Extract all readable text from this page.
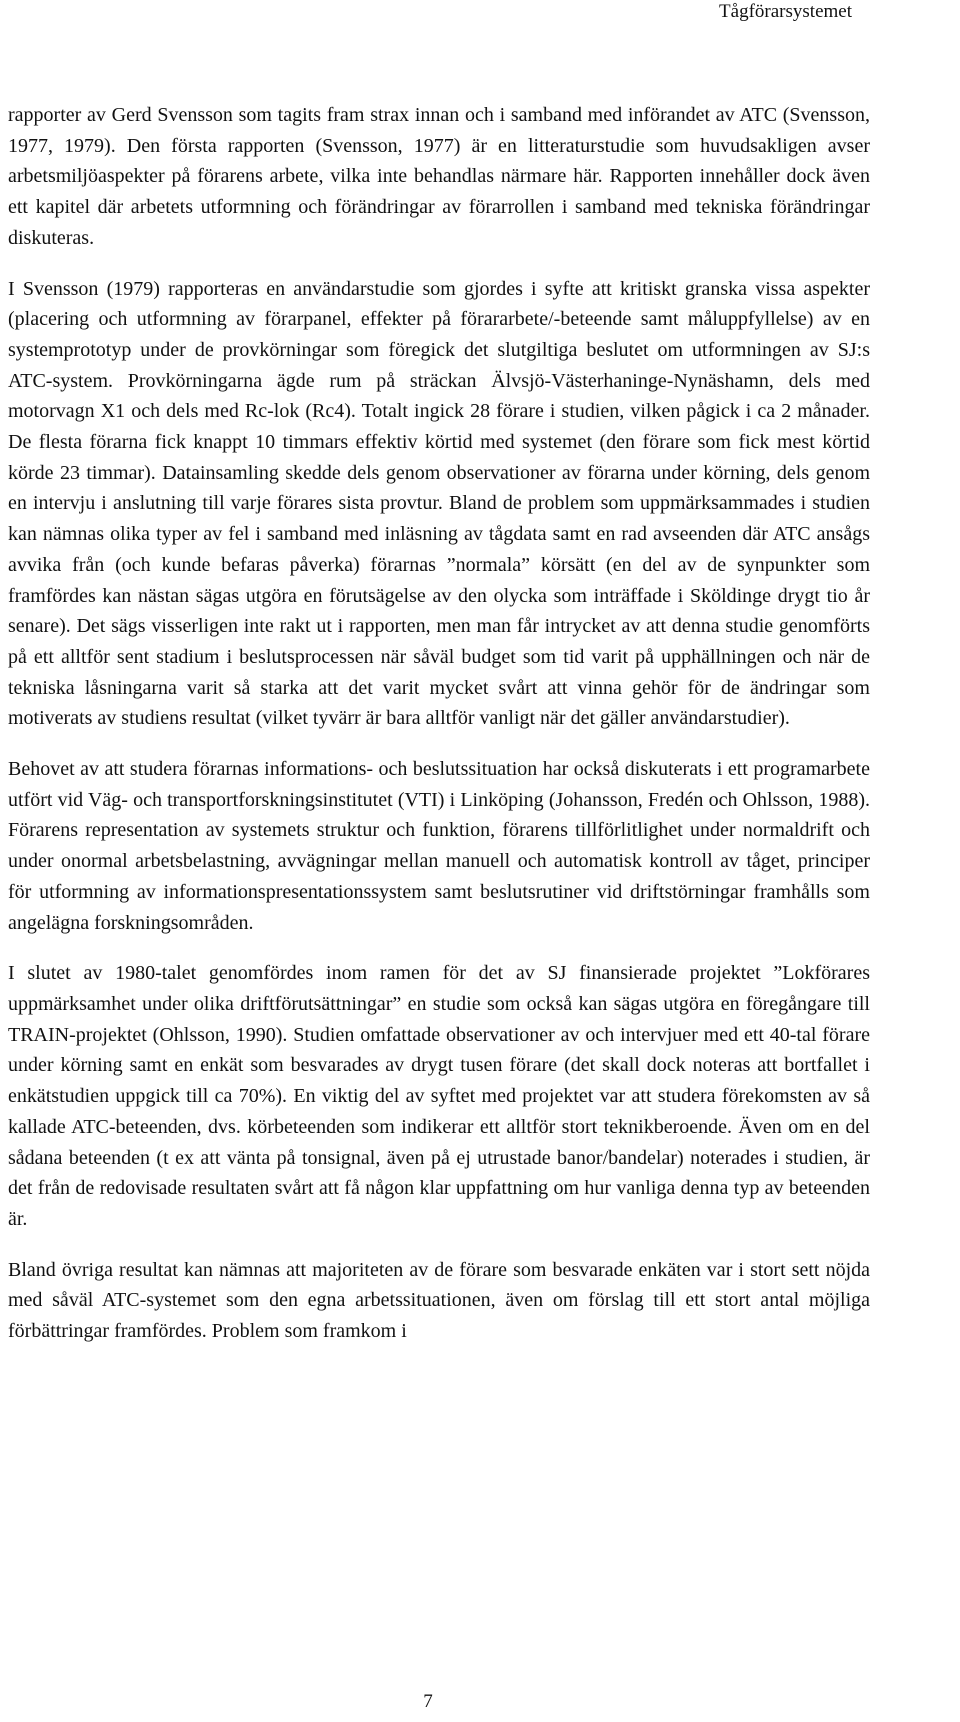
Tågförarsystemet

rapporter av Gerd Svensson som tagits fram strax innan och i samband med införandet av ATC (Svensson, 1977, 1979). Den första rapporten (Svensson, 1977) är en litteraturstudie som huvudsakligen avser arbetsmiljöaspekter på förarens arbete, vilka inte behandlas närmare här. Rapporten innehåller dock även ett kapitel där arbetets utformning och förändringar av förarrollen i samband med tekniska förändringar diskuteras.

I Svensson (1979) rapporteras en användarstudie som gjordes i syfte att kritiskt granska vissa aspekter (placering och utformning av förarpanel, effekter på förararbete/-beteende samt måluppfyllelse) av en systemprototyp under de provkörningar som föregick det slutgiltiga beslutet om utformningen av SJ:s ATC-system. Provkörningarna ägde rum på sträckan Älvsjö-Västerhaninge-Nynäshamn, dels med motorvagn X1 och dels med Rc-lok (Rc4). Totalt ingick 28 förare i studien, vilken pågick i ca 2 månader. De flesta förarna fick knappt 10 timmars effektiv körtid med systemet (den förare som fick mest körtid körde 23 timmar). Datainsamling skedde dels genom observationer av förarna under körning, dels genom en intervju i anslutning till varje förares sista provtur. Bland de problem som uppmärksammades i studien kan nämnas olika typer av fel i samband med inläsning av tågdata samt en rad avseenden där ATC ansågs avvika från (och kunde befaras påverka) förarnas ”normala” körsätt (en del av de synpunkter som framfördes kan nästan sägas utgöra en förutsägelse av den olycka som inträffade i Sköldinge drygt tio år senare). Det sägs visserligen inte rakt ut i rapporten, men man får intrycket av att denna studie genomförts på ett alltför sent stadium i beslutsprocessen när såväl budget som tid varit på upphällningen och när de tekniska låsningarna varit så starka att det varit mycket svårt att vinna gehör för de ändringar som motiverats av studiens resultat (vilket tyvärr är bara alltför vanligt när det gäller användarstudier).

Behovet av att studera förarnas informations- och beslutssituation har också diskuterats i ett programarbete utfört vid Väg- och transportforskningsinstitutet (VTI) i Linköping (Johansson, Fredén och Ohlsson, 1988). Förarens representation av systemets struktur och funktion, förarens tillförlitlighet under normaldrift och under onormal arbetsbelastning, avvägningar mellan manuell och automatisk kontroll av tåget, principer för utformning av informationspresentationssystem samt beslutsrutiner vid driftstörningar framhålls som angelägna forskningsområden.

I slutet av 1980-talet genomfördes inom ramen för det av SJ finansierade projektet ”Lokförares uppmärksamhet under olika driftförutsättningar” en studie som också kan sägas utgöra en föregångare till TRAIN-projektet (Ohlsson, 1990). Studien omfattade observationer av och intervjuer med ett 40-tal förare under körning samt en enkät som besvarades av drygt tusen förare (det skall dock noteras att bortfallet i enkätstudien uppgick till ca 70%). En viktig del av syftet med projektet var att studera förekomsten av så kallade ATC-beteenden, dvs. körbeteenden som indikerar ett alltför stort teknikberoende. Även om en del sådana beteenden (t ex att vänta på tonsignal, även på ej utrustade banor/bandelar) noterades i studien, är det från de redovisade resultaten svårt att få någon klar uppfattning om hur vanliga denna typ av beteenden är.

Bland övriga resultat kan nämnas att majoriteten av de förare som besvarade enkäten var i stort sett nöjda med såväl ATC-systemet som den egna arbetssituationen, även om förslag till ett stort antal möjliga förbättringar framfördes. Problem som framkom i

7
